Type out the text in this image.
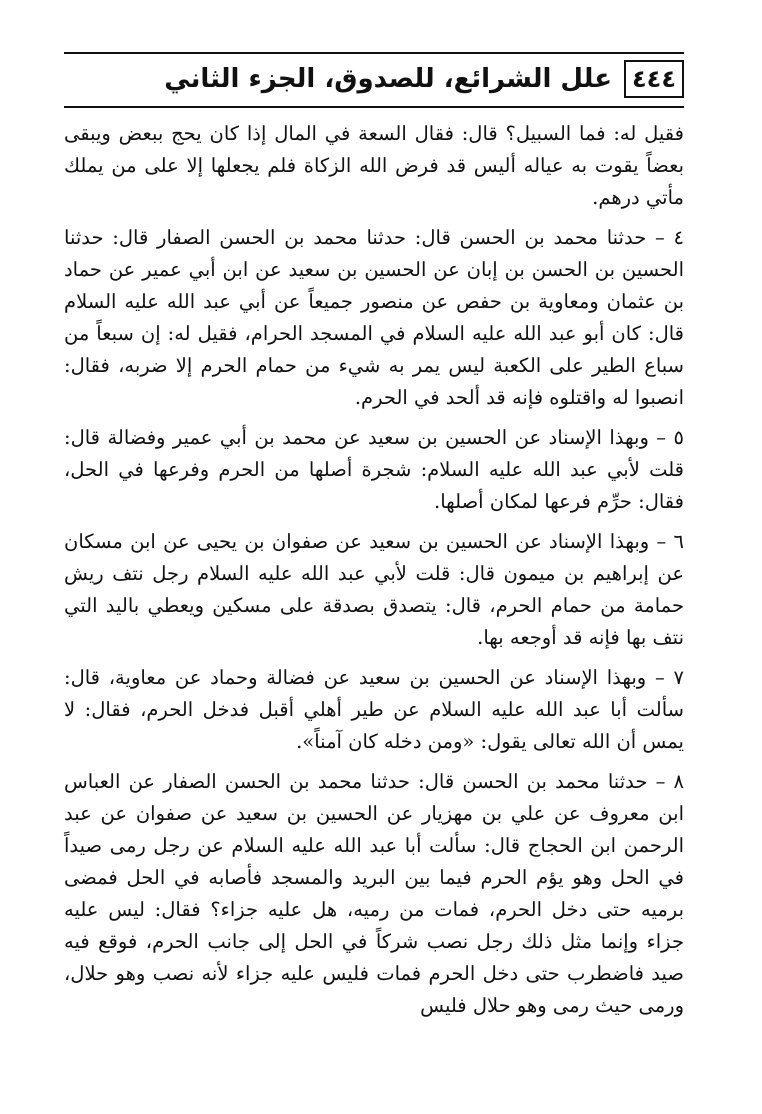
٤٤٤
علل الشرائع، للصدوق، الجزء الثاني

فقيل له: فما السبيل؟ قال: فقال السعة في المال إذا كان يحج ببعض ويبقى بعضاً يقوت به عياله أليس قد فرض الله الزكاة فلم يجعلها إلا على من يملك مأتي درهم.

٤ – حدثنا محمد بن الحسن قال: حدثنا محمد بن الحسن الصفار قال: حدثنا الحسين بن الحسن بن إبان عن الحسين بن سعيد عن ابن أبي عمير عن حماد بن عثمان ومعاوية بن حفص عن منصور جميعاً عن أبي عبد الله عليه السلام قال: كان أبو عبد الله عليه السلام في المسجد الحرام، فقيل له: إن سبعاً من سباع الطير على الكعبة ليس يمر به شيء من حمام الحرم إلا ضربه، فقال: انصبوا له واقتلوه فإنه قد ألحد في الحرم.

٥ – وبهذا الإسناد عن الحسين بن سعيد عن محمد بن أبي عمير وفضالة قال: قلت لأبي عبد الله عليه السلام: شجرة أصلها من الحرم وفرعها في الحل، فقال: حرِّم فرعها لمكان أصلها.

٦ – وبهذا الإسناد عن الحسين بن سعيد عن صفوان بن يحيى عن ابن مسكان عن إبراهيم بن ميمون قال: قلت لأبي عبد الله عليه السلام رجل نتف ريش حمامة من حمام الحرم، قال: يتصدق بصدقة على مسكين ويعطي باليد التي نتف بها فإنه قد أوجعه بها.

٧ – وبهذا الإسناد عن الحسين بن سعيد عن فضالة وحماد عن معاوية، قال: سألت أبا عبد الله عليه السلام عن طير أهلي أقبل فدخل الحرم، فقال: لا يمس أن الله تعالى يقول: «ومن دخله كان آمناً».

٨ – حدثنا محمد بن الحسن قال: حدثنا محمد بن الحسن الصفار عن العباس ابن معروف عن علي بن مهزيار عن الحسين بن سعيد عن صفوان عن عبد الرحمن ابن الحجاج قال: سألت أبا عبد الله عليه السلام عن رجل رمى صيداً في الحل وهو يؤم الحرم فيما بين البريد والمسجد فأصابه في الحل فمضى برميه حتى دخل الحرم، فمات من رميه، هل عليه جزاء؟ فقال: ليس عليه جزاء وإنما مثل ذلك رجل نصب شركاً في الحل إلى جانب الحرم، فوقع فيه صيد فاضطرب حتى دخل الحرم فمات فليس عليه جزاء لأنه نصب وهو حلال، ورمى حيث رمى وهو حلال فليس
